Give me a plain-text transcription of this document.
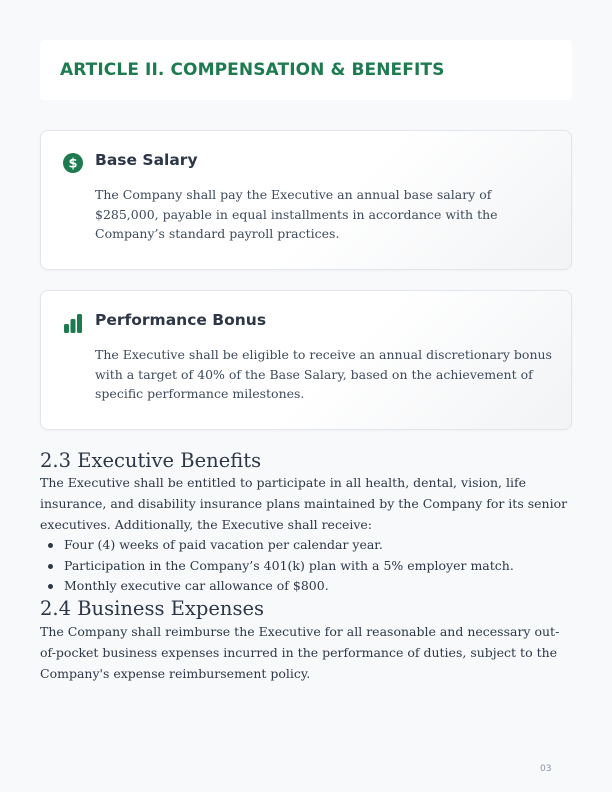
ARTICLE II. COMPENSATION & BENEFITS
$ Base Salary
The Company shall pay the Executive an annual base salary of $285,000, payable in equal installments in accordance with the Company’s standard payroll practices.
Performance Bonus
The Executive shall be eligible to receive an annual discretionary bonus with a target of 40% of the Base Salary, based on the achievement of specific performance milestones.
2.3 Executive Benefits

The Executive shall be entitled to participate in all health, dental, vision, life insurance, and disability insurance plans maintained by the Company for its senior executives. Additionally, the Executive shall receive:

Four (4) weeks of paid vacation per calendar year.
Participation in the Company’s 401(k) plan with a 5% employer match.
Monthly executive car allowance of $800.
2.4 Business Expenses

The Company shall reimburse the Executive for all reasonable and necessary out-of-pocket business expenses incurred in the performance of duties, subject to the Company's expense reimbursement policy.

03
